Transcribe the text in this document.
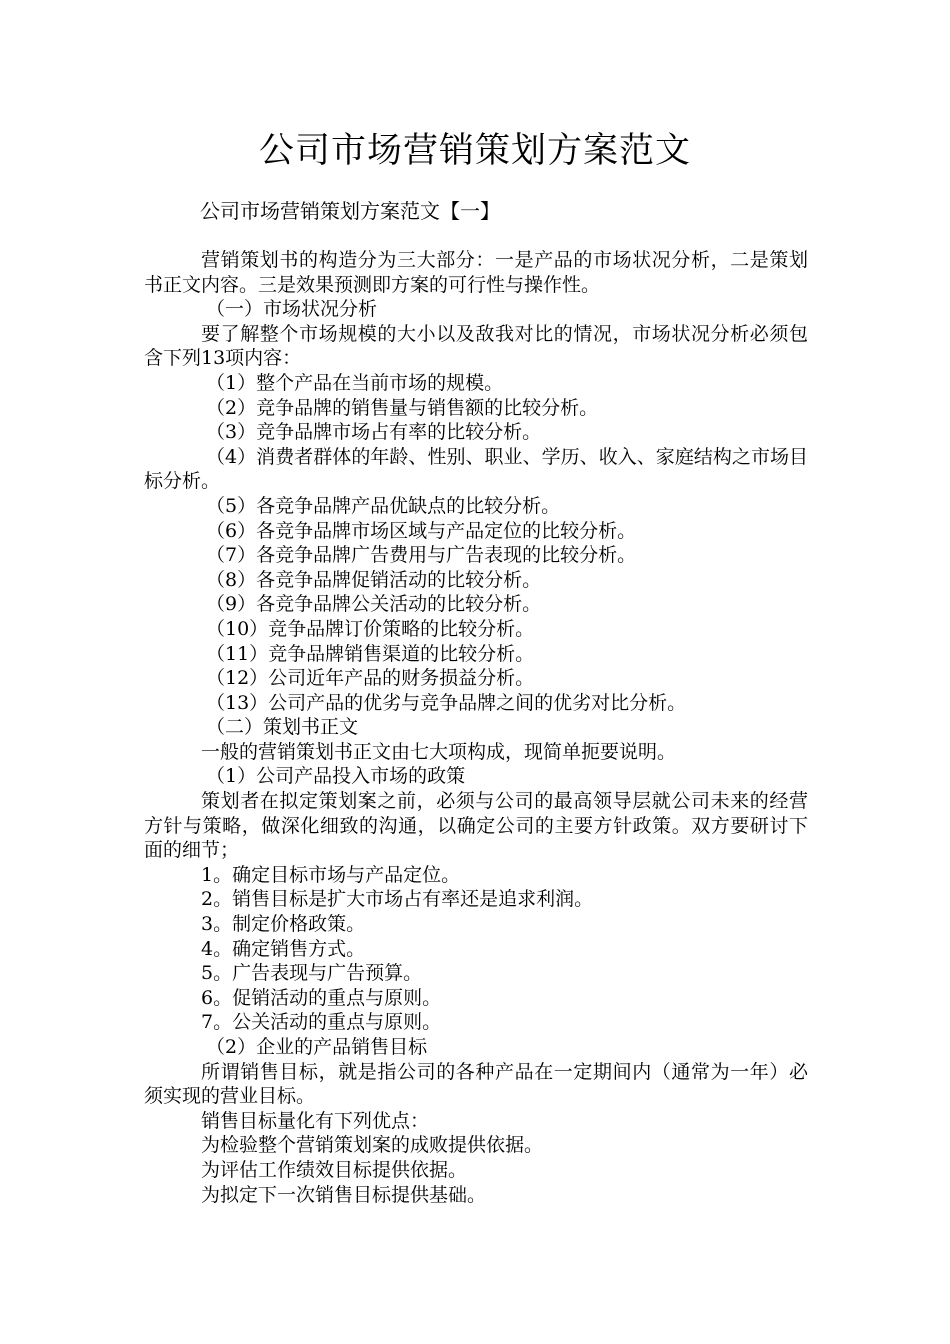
公司市场营销策划方案范文
公司市场营销策划方案范文【一】

营销策划书的构造分为三大部分：一是产品的市场状况分析，二是策划书正文内容。三是效果预测即方案的可行性与操作性。

（一）市场状况分析

要了解整个市场规模的大小以及敌我对比的情况，市场状况分析必须包含下列13项内容：

（1）整个产品在当前市场的规模。

（2）竞争品牌的销售量与销售额的比较分析。

（3）竞争品牌市场占有率的比较分析。

（4）消费者群体的年龄、性别、职业、学历、收入、家庭结构之市场目标分析。

（5）各竞争品牌产品优缺点的比较分析。

（6）各竞争品牌市场区域与产品定位的比较分析。

（7）各竞争品牌广告费用与广告表现的比较分析。

（8）各竞争品牌促销活动的比较分析。

（9）各竞争品牌公关活动的比较分析。

（10）竞争品牌订价策略的比较分析。

（11）竞争品牌销售渠道的比较分析。

（12）公司近年产品的财务损益分析。

（13）公司产品的优劣与竞争品牌之间的优劣对比分析。

（二）策划书正文

一般的营销策划书正文由七大项构成，现简单扼要说明。

（1）公司产品投入市场的政策

策划者在拟定策划案之前，必须与公司的最高领导层就公司未来的经营方针与策略，做深化细致的沟通，以确定公司的主要方针政策。双方要研讨下面的细节；

1。确定目标市场与产品定位。

2。销售目标是扩大市场占有率还是追求利润。

3。制定价格政策。

4。确定销售方式。

5。广告表现与广告预算。

6。促销活动的重点与原则。

7。公关活动的重点与原则。

（2）企业的产品销售目标

所谓销售目标，就是指公司的各种产品在一定期间内（通常为一年）必须实现的营业目标。

销售目标量化有下列优点：

为检验整个营销策划案的成败提供依据。

为评估工作绩效目标提供依据。

为拟定下一次销售目标提供基础。
